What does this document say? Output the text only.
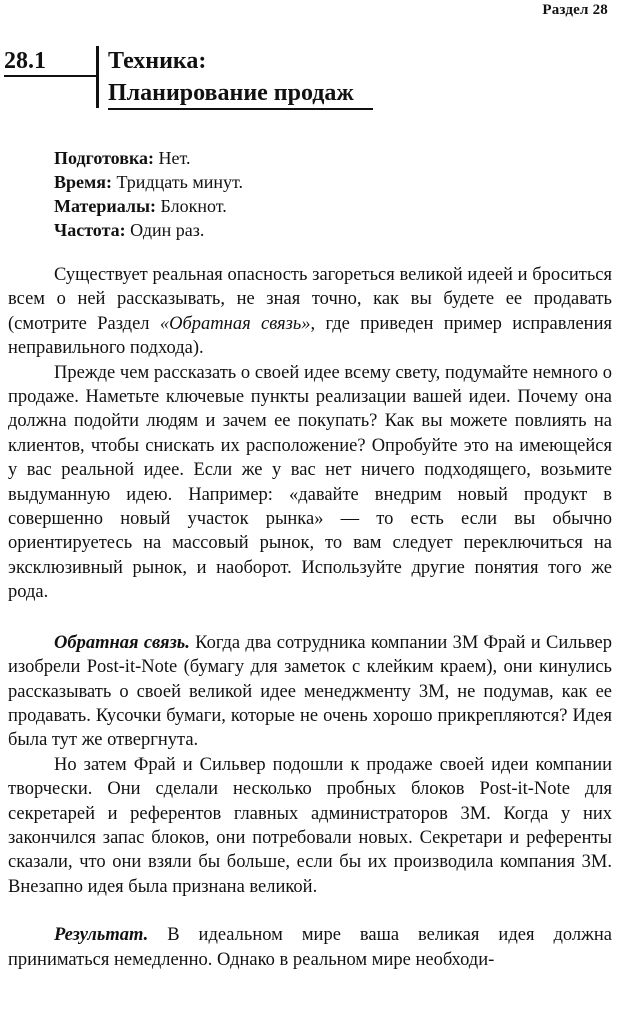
Раздел 28
28.1	Техника:
Планирование продаж
Подготовка: Нет.
Время: Тридцать минут.
Материалы: Блокнот.
Частота: Один раз.

Существует реальная опасность загореться великой идеей и броситься всем о ней рассказывать, не зная точно, как вы будете ее продавать (смотрите Раздел «Обратная связь», где приведен пример исправления неправильного подхода).

Прежде чем рассказать о своей идее всему свету, подумайте немного о продаже. Наметьте ключевые пункты реализации вашей идеи. Почему она должна подойти людям и зачем ее покупать? Как вы можете повлиять на клиентов, чтобы снискать их расположение? Опробуйте это на имеющейся у вас реальной идее. Если же у вас нет ничего подходящего, возьмите выдуманную идею. Например: «давайте внедрим новый продукт в совершенно новый участок рынка» — то есть если вы обычно ориентируетесь на массовый рынок, то вам следует переключиться на эксклюзивный рынок, и наоборот. Используйте другие понятия того же рода.

Обратная связь. Когда два сотрудника компании 3М Фрай и Сильвер изобрели Post-it-Note (бумагу для заметок с клейким краем), они кинулись рассказывать о своей великой идее менеджменту 3М, не подумав, как ее продавать. Кусочки бумаги, которые не очень хорошо прикрепляются? Идея была тут же отвергнута.

Но затем Фрай и Сильвер подошли к продаже своей идеи компании творчески. Они сделали несколько пробных блоков Post-it-Note для секретарей и референтов главных администраторов 3М. Когда у них закончился запас блоков, они потребовали новых. Секретари и референты сказали, что они взяли бы больше, если бы их производила компания 3М. Внезапно идея была признана великой.

Результат. В идеальном мире ваша великая идея должна приниматься немедленно. Однако в реальном мире необходи-
